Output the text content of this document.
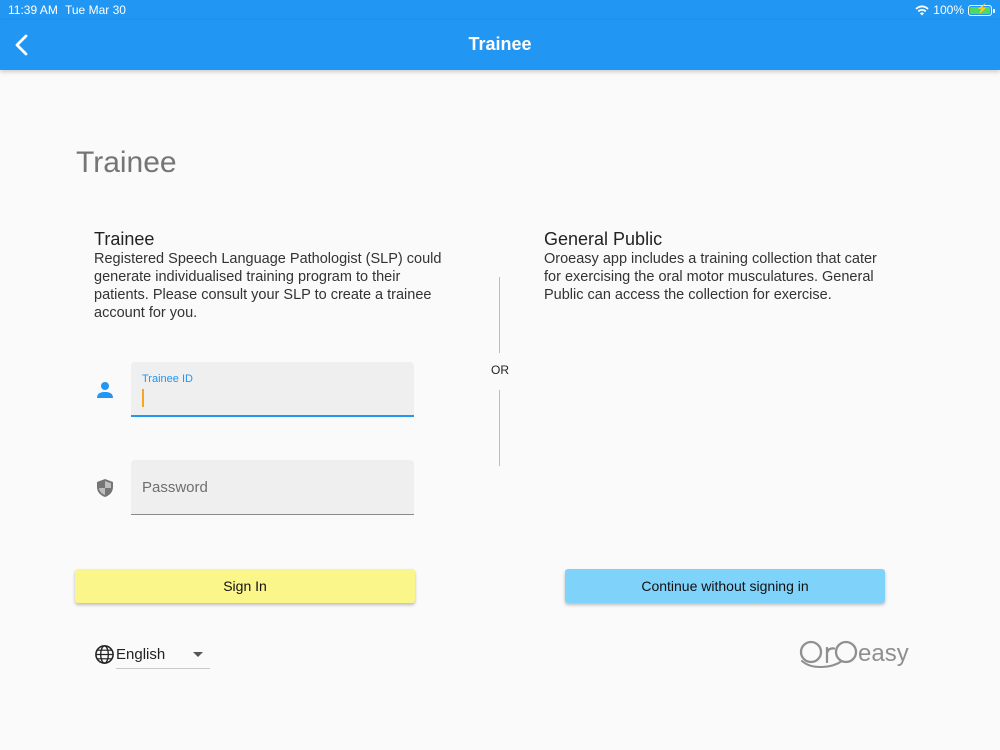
11:39 AM Tue Mar 30	100% ⚡
Trainee
Trainee
Trainee
Registered Speech Language Pathologist (SLP) could generate individualised training program to their patients. Please consult your SLP to create a trainee account for you.
General Public
Oroeasy app includes a training collection that cater for exercising the oral motor musculatures. General Public can access the collection for exercise.
OR
Trainee ID
Sign In	Continue without signing in
English	easy
